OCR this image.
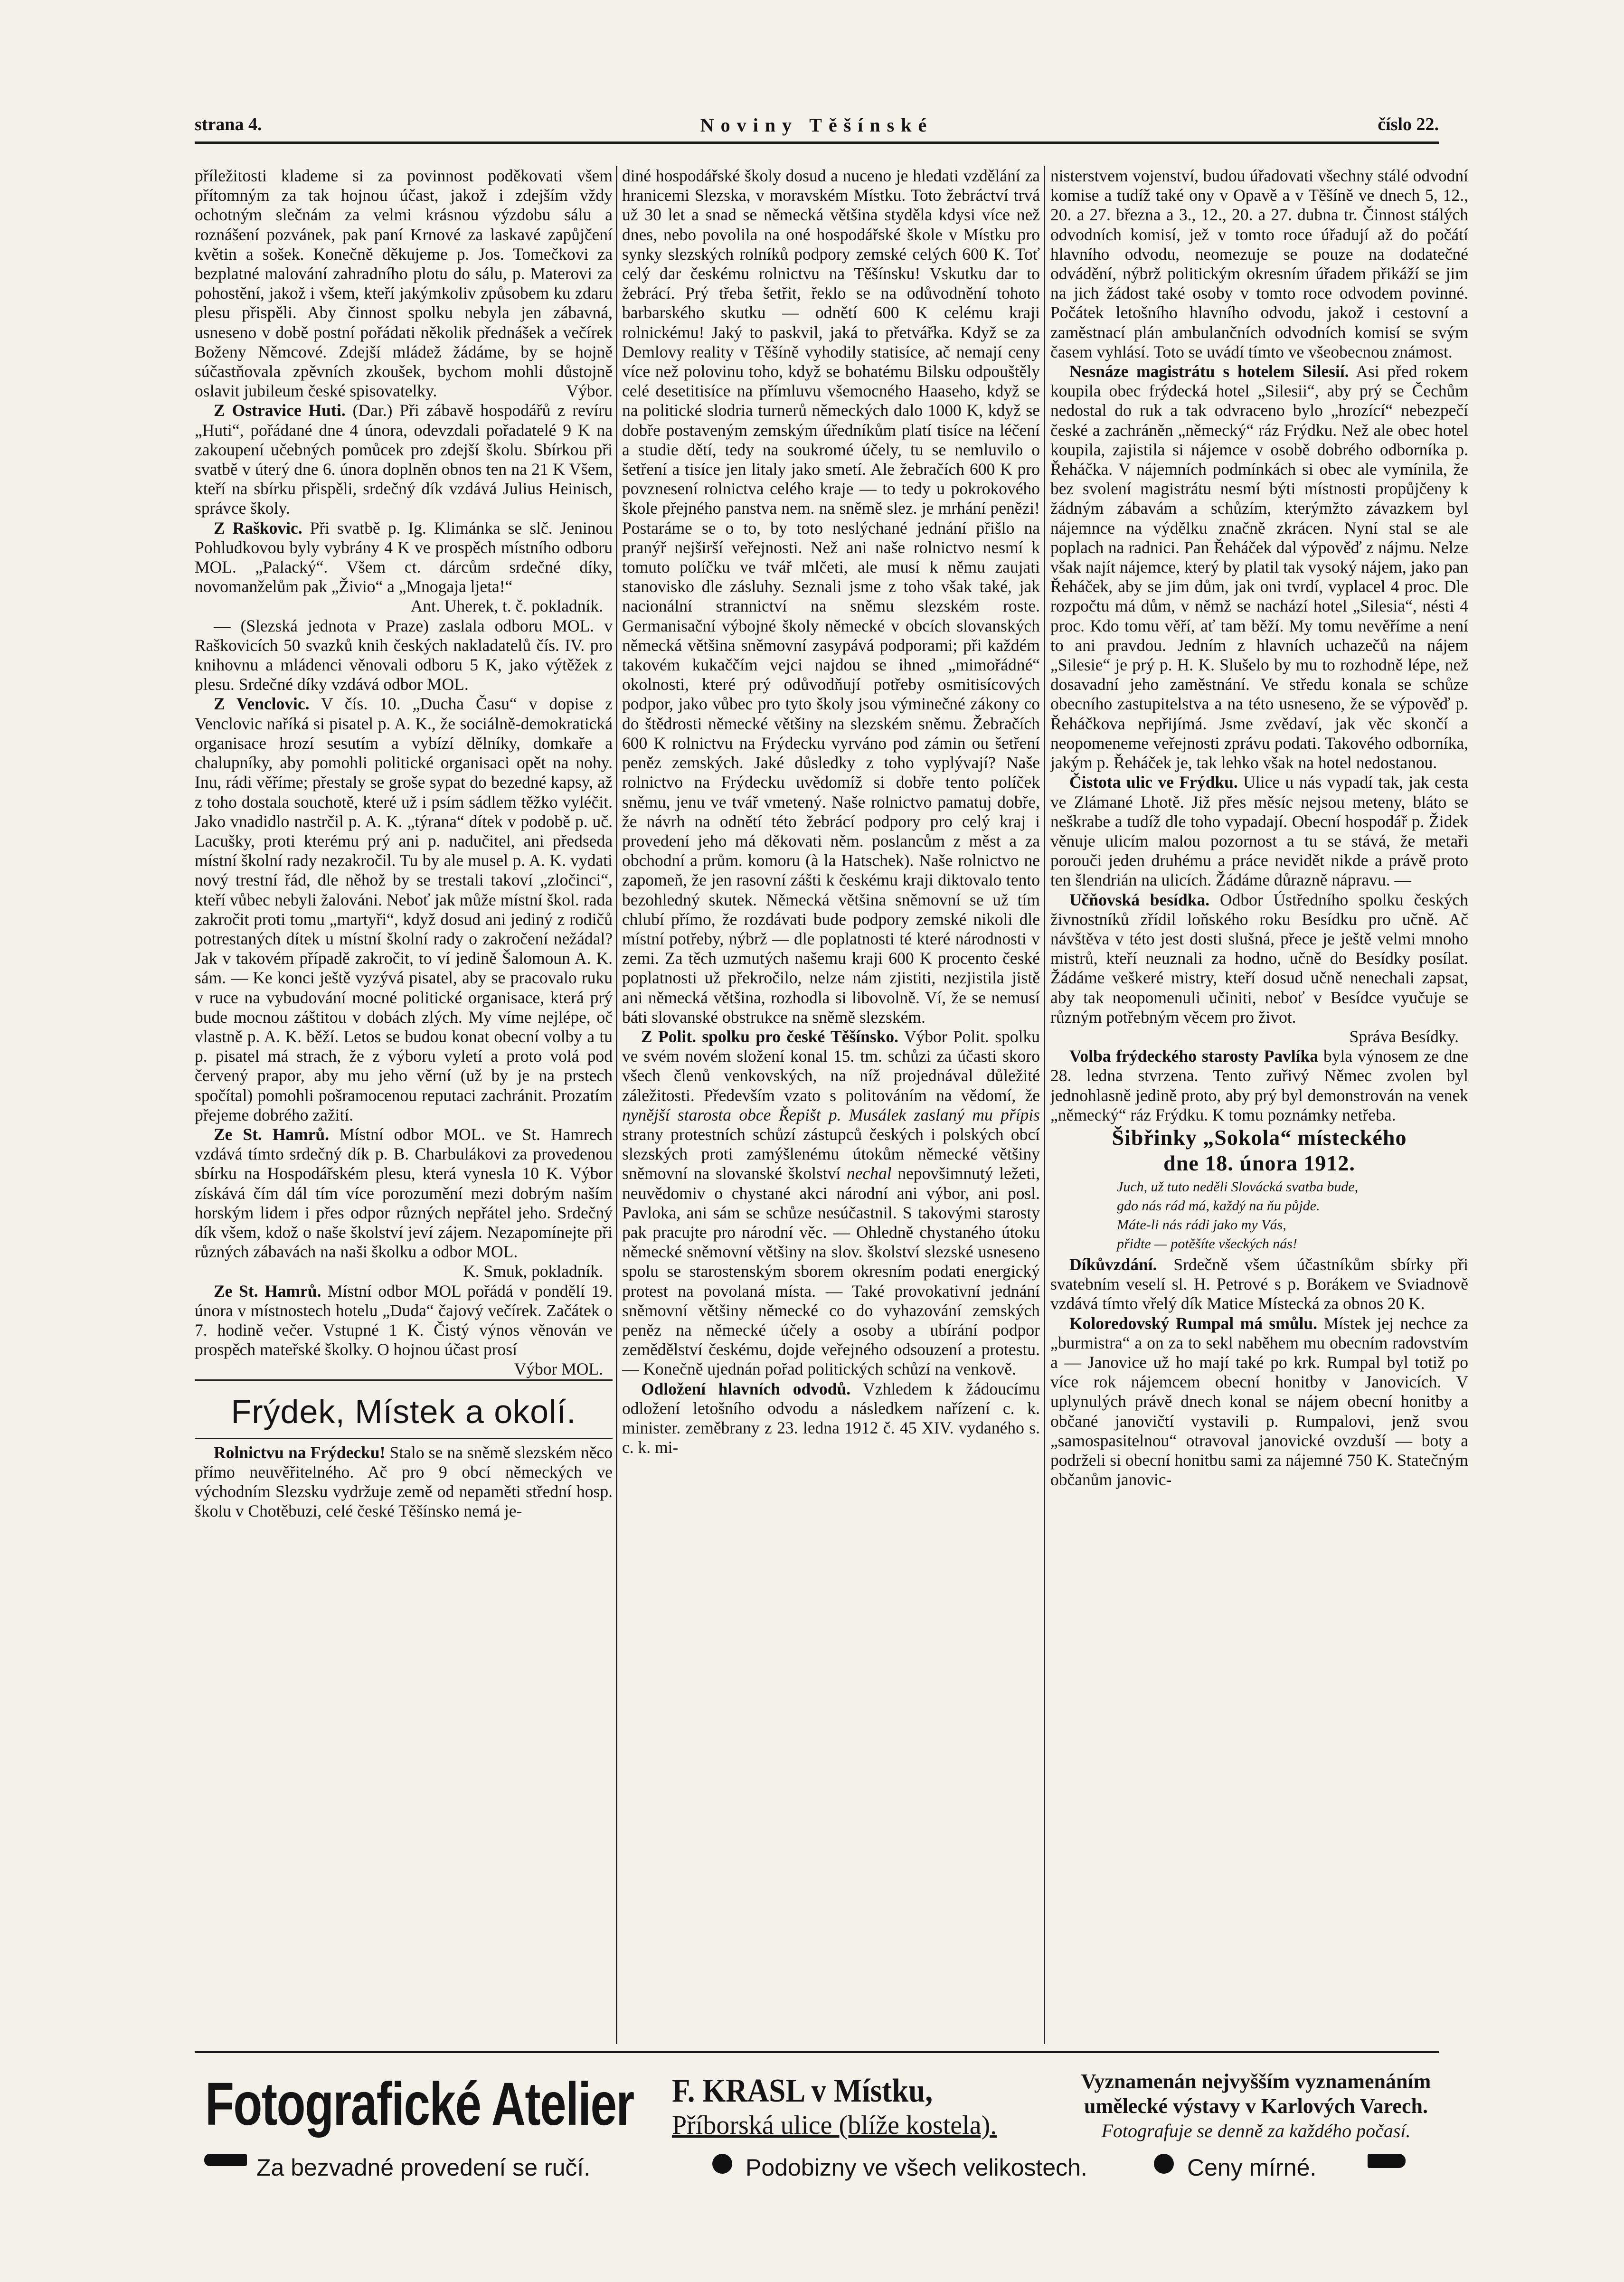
strana 4.	Noviny Těšínské	číslo 22.

příležitosti klademe si za povinnost poděkovati všem přítomným za tak hojnou účast, jakož i zdejším vždy ochotným slečnám za velmi krásnou výzdobu sálu a roznášení pozvánek, pak paní Krnové za laskavé zapůjčení květin a sošek. Konečně děkujeme p. Jos. Tomečkovi za bezplatné malování zahradního plotu do sálu, p. Materovi za pohostění, jakož i všem, kteří jakýmkoliv způsobem ku zdaru plesu přispěli. Aby činnost spolku nebyla jen zábavná, usneseno v době postní pořádati několik přednášek a večírek Boženy Němcové. Zdejší mládež žádáme, by se hojně súčastňovala zpěvních zkoušek, bychom mohli důstojně oslavit jubileum české spisovatelky.	Výbor.

Z Ostravice Huti. (Dar.) Při zábavě hospodářů z revíru „Huti“, pořádané dne 4 února, odevzdali pořadatelé 9 K na zakoupení učebných pomůcek pro zdejší školu. Sbírkou při svatbě v úterý dne 6. února doplněn obnos ten na 21 K Všem, kteří na sbírku přispěli, srdečný dík vzdává Julius Heinisch, správce školy.

Z Raškovic. Při svatbě p. Ig. Klimánka se slč. Jeninou Pohludkovou byly vybrány 4 K ve prospěch místního odboru MOL. „Palacký“. Všem ct. dárcům srdečné díky, novomanželům pak „Živio“ a „Mnogaja ljeta!“

Ant. Uherek, t. č. pokladník.

— (Slezská jednota v Praze) zaslala odboru MOL. v Raškovicích 50 svazků knih českých nakladatelů čís. IV. pro knihovnu a mládenci věnovali odboru 5 K, jako výtěžek z plesu. Srdečné díky vzdává odbor MOL.

Z Venclovic. V čís. 10. „Ducha Času“ v dopise z Venclovic naříká si pisatel p. A. K., že sociálně-demokratická organisace hrozí sesutím a vybízí dělníky, domkaře a chalupníky, aby pomohli politické organisaci opět na nohy. Inu, rádi věříme; přestaly se groše sypat do bezedné kapsy, až z toho dostala souchotě, které už i psím sádlem těžko vyléčit. Jako vnadidlo nastrčil p. A. K. „týrana“ dítek v podobě p. uč. Lacušky, proti kterému prý ani p. nadučitel, ani předseda místní školní rady nezakročil. Tu by ale musel p. A. K. vydati nový trestní řád, dle něhož by se trestali takoví „zločinci“, kteří vůbec nebyli žalováni. Neboť jak může místní škol. rada zakročit proti tomu „martyři“, když dosud ani jediný z rodičů potrestaných dítek u místní školní rady o zakročení nežádal? Jak v takovém případě zakročit, to ví jedině Šalomoun A. K. sám. — Ke konci ještě vyzývá pisatel, aby se pracovalo ruku v ruce na vybudování mocné politické organisace, která prý bude mocnou záštitou v dobách zlých. My víme nejlépe, oč vlastně p. A. K. běží. Letos se budou konat obecní volby a tu p. pisatel má strach, že z výboru vyletí a proto volá pod červený prapor, aby mu jeho věrní (už by je na prstech spočítal) pomohli pošramocenou reputaci zachránit. Prozatím přejeme dobrého zažití.

Ze St. Hamrů. Místní odbor MOL. ve St. Hamrech vzdává tímto srdečný dík p. B. Charbulákovi za provedenou sbírku na Hospodářském plesu, která vynesla 10 K. Výbor získává čím dál tím více porozumění mezi dobrým naším horským lidem i přes odpor různých nepřátel jeho. Srdečný dík všem, kdož o naše školství jeví zájem. Nezapomínejte při různých zábavách na naši školku a odbor MOL.

K. Smuk, pokladník.

Ze St. Hamrů. Místní odbor MOL pořádá v pondělí 19. února v místnostech hotelu „Duda“ čajový večírek. Začátek o 7. hodině večer. Vstupné 1 K. Čistý výnos věnován ve prospěch mateřské školky. O hojnou účast prosí

Výbor MOL.

Frýdek, Místek a okolí.

Rolnictvu na Frýdecku! Stalo se na sněmě slezském něco přímo neuvěřitelného. Ač pro 9 obcí německých ve východním Slezsku vydržuje země od nepaměti střední hosp. školu v Chotěbuzi, celé české Těšínsko nemá je-

diné hospodářské školy dosud a nuceno je hledati vzdělání za hranicemi Slezska, v moravském Místku. Toto žebráctví trvá už 30 let a snad se německá většina styděla kdysi více než dnes, nebo povolila na oné hospodářské škole v Místku pro synky slezských rolníků podpory zemské celých 600 K. Toť celý dar českému rolnictvu na Těšínsku! Vskutku dar to žebrácí. Prý třeba šetřit, řeklo se na odůvodnění tohoto barbarského skutku — odnětí 600 K celému kraji rolnickému! Jaký to paskvil, jaká to přetvářka. Když se za Demlovy reality v Těšíně vyhodily statisíce, ač nemají ceny více než polovinu toho, když se bohatému Bilsku odpouštěly celé desetitisíce na přímluvu všemocného Haaseho, když se na politické slodria turnerů německých dalo 1000 K, když se dobře postaveným zemským úředníkům platí tisíce na léčení a studie dětí, tedy na soukromé účely, tu se nemluvilo o šetření a tisíce jen litaly jako smetí. Ale žebračích 600 K pro povznesení rolnictva celého kraje — to tedy u pokrokového škole přejného panstva nem. na sněmě slez. je mrhání penězi! Postaráme se o to, by toto neslýchané jednání přišlo na pranýř nejširší veřejnosti. Než ani naše rolnictvo nesmí k tomuto políčku ve tvář mlčeti, ale musí k němu zaujati stanovisko dle zásluhy. Seznali jsme z toho však také, jak nacionální strannictví na sněmu slezském roste. Germanisační výbojné školy německé v obcích slovanských německá většina sněmovní zasypává podporami; při každém takovém kukaččím vejci najdou se ihned „mimořádné“ okolnosti, které prý odůvodňují potřeby osmitisícových podpor, jako vůbec pro tyto školy jsou výminečné zákony co do štědrosti německé většiny na slezském sněmu. Žebračích 600 K rolnictvu na Frýdecku vyrváno pod zámin ou šetření peněz zemských. Jaké důsledky z toho vyplývají? Naše rolnictvo na Frýdecku uvědomíž si dobře tento políček sněmu, jenu ve tvář vmetený. Naše rolnictvo pamatuj dobře, že návrh na odnětí této žebrácí podpory pro celý kraj i provedení jeho má děkovati něm. poslancům z měst a za obchodní a prům. komoru (à la Hatschek). Naše rolnictvo ne zapomeň, že jen rasovní zášti k českému kraji diktovalo tento bezohledný skutek. Německá většina sněmovní se už tím chlubí přímo, že rozdávati bude podpory zemské nikoli dle místní potřeby, nýbrž — dle poplatnosti té které národnosti v zemi. Za těch uzmutých našemu kraji 600 K procento české poplatnosti už překročilo, nelze nám zjistiti, nezjistila jistě ani německá většina, rozhodla si libovolně. Ví, že se nemusí báti slovanské obstrukce na sněmě slezském.

Z Polit. spolku pro české Těšínsko. Výbor Polit. spolku ve svém novém složení konal 15. tm. schůzi za účasti skoro všech členů venkovských, na níž projednával důležité záležitosti. Především vzato s politováním na vědomí, že nynější starosta obce Řepišt p. Musálek zaslaný mu přípis strany protestních schůzí zástupců českých i polských obcí slezských proti zamýšlenému útokům německé většiny sněmovní na slovanské školství nechal nepovšimnutý ležeti, neuvědomiv o chystané akci národní ani výbor, ani posl. Pavloka, ani sám se schůze nesúčastnil. S takovými starosty pak pracujte pro národní věc. — Ohledně chystaného útoku německé sněmovní většiny na slov. školství slezské usneseno spolu se starostenským sborem okresním podati energický protest na povolaná místa. — Také provokativní jednání sněmovní většiny německé co do vyhazování zemských peněz na německé účely a osoby a ubírání podpor zemědělství českému, dojde veřejného odsouzení a protestu. — Konečně ujednán pořad politických schůzí na venkově.

Odložení hlavních odvodů. Vzhledem k žádoucímu odložení letošního odvodu a následkem nařízení c. k. minister. zeměbrany z 23. ledna 1912 č. 45 XIV. vydaného s. c. k. mi-

nisterstvem vojenství, budou úřadovati všechny stálé odvodní komise a tudíž také ony v Opavě a v Těšíně ve dnech 5, 12., 20. a 27. března a 3., 12., 20. a 27. dubna tr. Činnost stálých odvodních komisí, jež v tomto roce úřadují až do počátí hlavního odvodu, neomezuje se pouze na dodatečné odvádění, nýbrž politickým okresním úřadem přikáží se jim na jich žádost také osoby v tomto roce odvodem povinné. Počátek letošního hlavního odvodu, jakož i cestovní a zaměstnací plán ambulančních odvodních komisí se svým časem vyhlásí. Toto se uvádí tímto ve všeobecnou známost.

Nesnáze magistrátu s hotelem Silesií. Asi před rokem koupila obec frýdecká hotel „Silesii“, aby prý se Čechům nedostal do ruk a tak odvraceno bylo „hrozící“ nebezpečí české a zachráněn „německý“ ráz Frýdku. Než ale obec hotel koupila, zajistila si nájemce v osobě dobrého odborníka p. Řeháčka. V nájemních podmínkách si obec ale vymínila, že bez svolení magistrátu nesmí býti místnosti propůjčeny k žádným zábavám a schůzím, kterýmžto závazkem byl nájemnce na výdělku značně zkrácen. Nyní stal se ale poplach na radnici. Pan Řeháček dal výpověď z nájmu. Nelze však najít nájemce, který by platil tak vysoký nájem, jako pan Řeháček, aby se jim dům, jak oni tvrdí, vyplacel 4 proc. Dle rozpočtu má dům, v němž se nachází hotel „Silesia“, nésti 4 proc. Kdo tomu věří, ať tam běží. My tomu nevěříme a není to ani pravdou. Jedním z hlavních uchazečů na nájem „Silesie“ je prý p. H. K. Slušelo by mu to rozhodně lépe, než dosavadní jeho zaměstnání. Ve středu konala se schůze obecního zastupitelstva a na této usneseno, že se výpověď p. Řeháčkova nepřijímá. Jsme zvědaví, jak věc skončí a neopomeneme veřejnosti zprávu podati. Takového odborníka, jakým p. Řeháček je, tak lehko však na hotel nedostanou.

Čistota ulic ve Frýdku. Ulice u nás vypadí tak, jak cesta ve Zlámané Lhotě. Již přes měsíc nejsou meteny, bláto se neškrabe a tudíž dle toho vypadají. Obecní hospodář p. Židek věnuje ulicím malou pozornost a tu se stává, že metaři porouči jeden druhému a práce nevidět nikde a právě proto ten šlendrián na ulicích. Žádáme důrazně nápravu. —

Učňovská besídka. Odbor Ústředního spolku českých živnostníků zřídil loňského roku Besídku pro učně. Ač návštěva v této jest dosti slušná, přece je ještě velmi mnoho mistrů, kteří neuznali za hodno, učně do Besídky posílat. Žádáme veškeré mistry, kteří dosud učně nenechali zapsat, aby tak neopomenuli učiniti, neboť v Besídce vyučuje se různým potřebným věcem pro život.

Správa Besídky.

Volba frýdeckého starosty Pavlíka byla výnosem ze dne 28. ledna stvrzena. Tento zuřivý Němec zvolen byl jednohlasně jedině proto, aby prý byl demonstrován na venek „německý“ ráz Frýdku. K tomu poznámky netřeba.

Šibřinky „Sokola“ místeckého
dne 18. února 1912.
Juch, už tuto neděli Slovácká svatba bude,
gdo nás rád má, každý na ňu půjde.
Máte-li nás rádi jako my Vás,
přidte — potěšíte všeckých nás!

Díkůvzdání. Srdečně všem účastníkům sbírky při svatebním veselí sl. H. Petrové s p. Borákem ve Sviadnově vzdává tímto vřelý dík Matice Místecká za obnos 20 K.

Koloredovský Rumpal má smůlu. Místek jej nechce za „burmistra“ a on za to sekl naběhem mu obecním radovstvím a — Janovice už ho mají také po krk. Rumpal byl totiž po více rok nájemcem obecní honitby v Janovicích. V uplynulých právě dnech konal se nájem obecní honitby a občané janovičtí vystavili p. Rumpalovi, jenž svou „samospasitelnou“ otravoval janovické ovzduší — boty a podrželi si obecní honitbu sami za nájemné 750 K. Statečným občanům janovic-

Fotografické Atelier F. KRASL v Místku,
Příborská ulice (blíže kostela).
Vyznamenán nejvyšším vyznamenáním
umělecké výstavy v Karlových Varech.
Fotografuje se denně za každého počasí.
Za bezvadné provedení se ručí.	Podobizny ve všech velikostech.	Ceny mírné.
